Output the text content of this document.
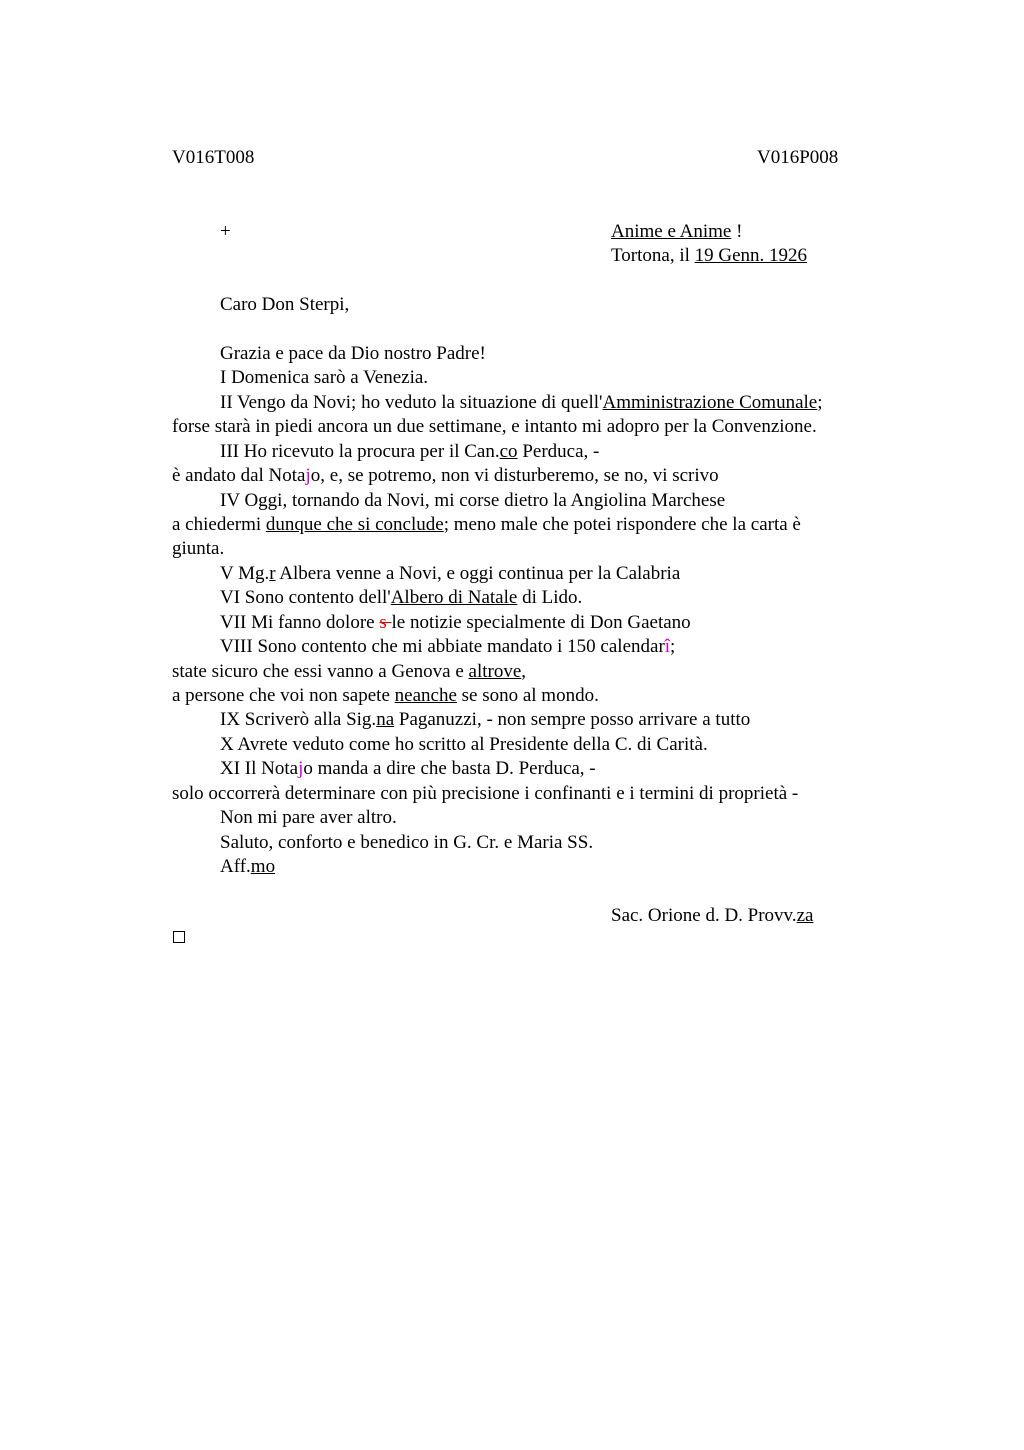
V016T008	V016P008
+	Anime e Anime !
Tortona, il 19 Genn. 1926
Caro Don Sterpi,
Grazia e pace da Dio nostro Padre!
I Domenica sarò a Venezia.
II Vengo da Novi; ho veduto la situazione di quell'Amministrazione Comunale;
forse starà in piedi ancora un due settimane, e intanto mi adopro per la Convenzione.
III Ho ricevuto la procura per il Can.co Perduca, -
è andato dal Notajo, e, se potremo, non vi disturberemo, se no, vi scrivo
IV Oggi, tornando da Novi, mi corse dietro la Angiolina Marchese
a chiedermi dunque che si conclude; meno male che potei rispondere che la carta è
giunta.
V Mg.r Albera venne a Novi, e oggi continua per la Calabria
VI Sono contento dell'Albero di Natale di Lido.
VII Mi fanno dolore s le notizie specialmente di Don Gaetano
VIII Sono contento che mi abbiate mandato i 150 calendarî;
state sicuro che essi vanno a Genova e altrove,
a persone che voi non sapete neanche se sono al mondo.
IX Scriverò alla Sig.na Paganuzzi, - non sempre posso arrivare a tutto
X Avrete veduto come ho scritto al Presidente della C. di Carità.
XI Il Notajo manda a dire che basta D. Perduca, -
solo occorrerà determinare con più precisione i confinanti e i termini di proprietà -
Non mi pare aver altro.
Saluto, conforto e benedico in G. Cr. e Maria SS.
Aff.mo
Sac. Orione d. D. Provv.za
